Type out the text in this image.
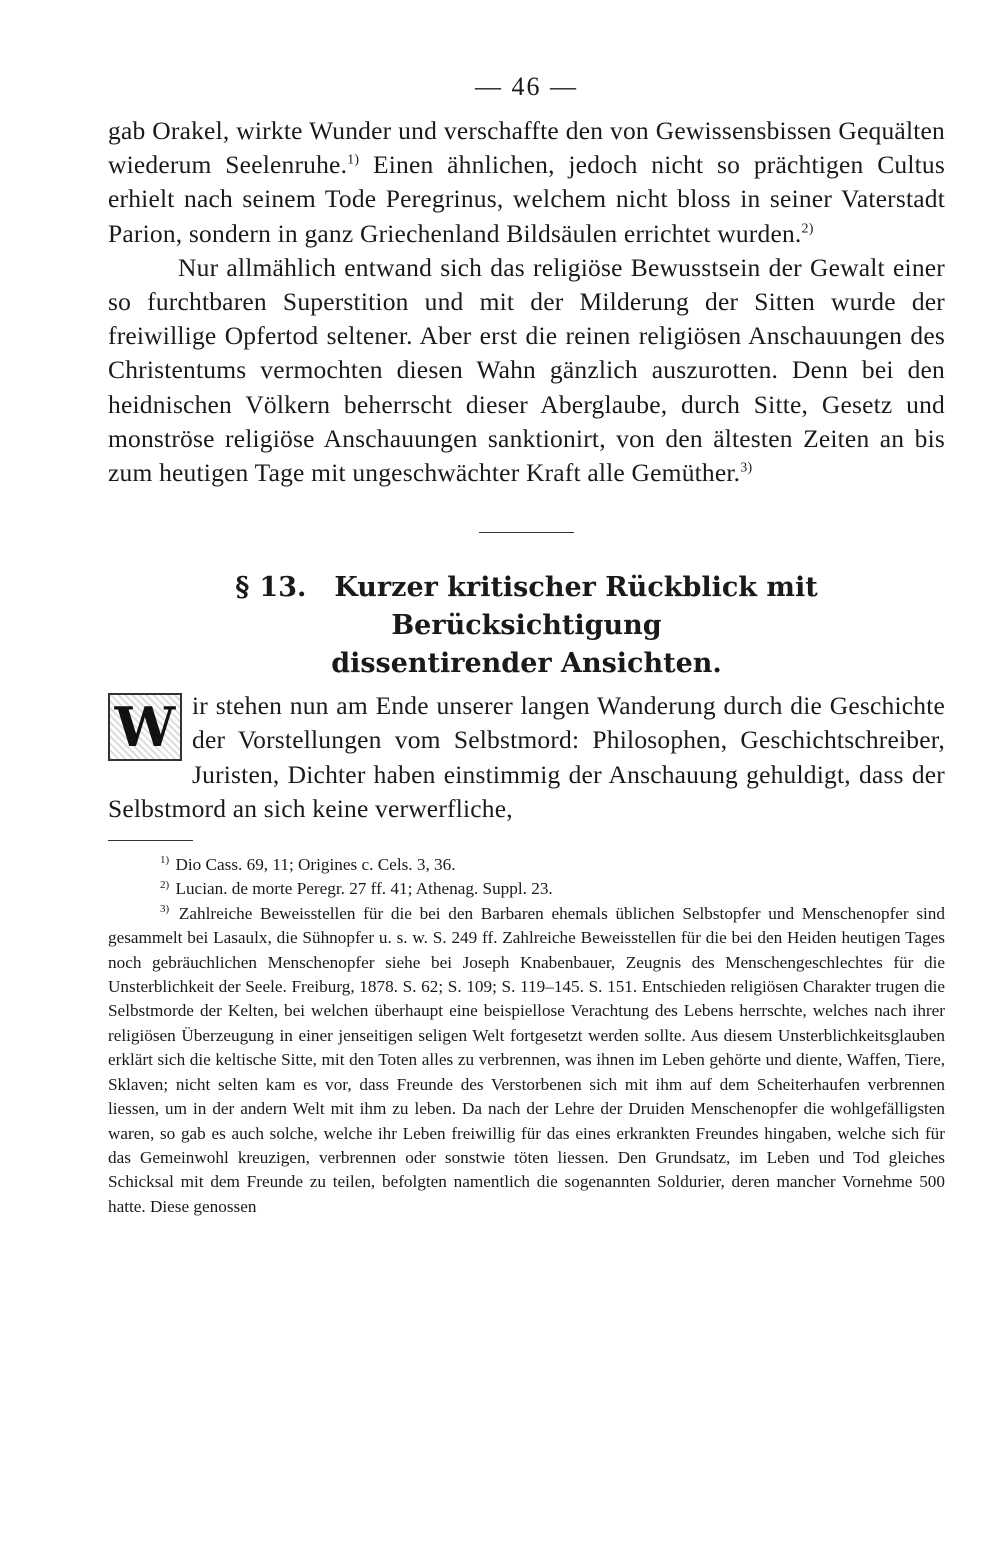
— 46 —

gab Orakel, wirkte Wunder und verschaffte den von Gewissensbissen Gequälten wiederum Seelenruhe.$^{1)}$ Einen ähnlichen, jedoch nicht so prächtigen Cultus erhielt nach seinem Tode Peregrinus, welchem nicht bloss in seiner Vaterstadt Parion, sondern in ganz Griechenland Bildsäulen errichtet wurden.$^{2)}$

Nur allmählich entwand sich das religiöse Bewusstsein der Gewalt einer so furchtbaren Superstition und mit der Milderung der Sitten wurde der freiwillige Opfertod seltener. Aber erst die reinen religiösen Anschauungen des Christentums vermochten diesen Wahn gänzlich auszurotten. Denn bei den heidnischen Völkern beherrscht dieser Aberglaube, durch Sitte, Gesetz und monströse religiöse Anschauungen sanktionirt, von den ältesten Zeiten an bis zum heutigen Tage mit ungeschwächter Kraft alle Gemüther.$^{3)}$

§ 13. Kurzer kritischer Rückblick mit Berücksichtigung
dissentirender Ansichten.

W ir stehen nun am Ende unserer langen Wanderung durch die Geschichte der Vorstellungen vom Selbstmord: Philosophen, Geschichtschreiber, Juristen, Dichter haben einstimmig der Anschauung gehuldigt, dass der Selbstmord an sich keine verwerfliche,

$^{1)}$ Dio Cass. 69, 11; Origines c. Cels. 3, 36.

$^{2)}$ Lucian. de morte Peregr. 27 ff. 41; Athenag. Suppl. 23.

$^{3)}$ Zahlreiche Beweisstellen für die bei den Barbaren ehemals üblichen Selbstopfer und Menschenopfer sind gesammelt bei Lasaulx, die Sühnopfer u. s. w. S. 249 ff. Zahlreiche Beweisstellen für die bei den Heiden heutigen Tages noch gebräuchlichen Menschenopfer siehe bei Joseph Knabenbauer, Zeugnis des Menschengeschlechtes für die Unsterblichkeit der Seele. Freiburg, 1878. S. 62; S. 109; S. 119–145. S. 151. Entschieden religiösen Charakter trugen die Selbstmorde der Kelten, bei welchen überhaupt eine beispiellose Verachtung des Lebens herrschte, welches nach ihrer religiösen Überzeugung in einer jenseitigen seligen Welt fortgesetzt werden sollte. Aus diesem Unsterblichkeitsglauben erklärt sich die keltische Sitte, mit den Toten alles zu verbrennen, was ihnen im Leben gehörte und diente, Waffen, Tiere, Sklaven; nicht selten kam es vor, dass Freunde des Verstorbenen sich mit ihm auf dem Scheiterhaufen verbrennen liessen, um in der andern Welt mit ihm zu leben. Da nach der Lehre der Druiden Menschenopfer die wohlgefälligsten waren, so gab es auch solche, welche ihr Leben freiwillig für das eines erkrankten Freundes hingaben, welche sich für das Gemeinwohl kreuzigen, verbrennen oder sonstwie töten liessen. Den Grundsatz, im Leben und Tod gleiches Schicksal mit dem Freunde zu teilen, befolgten namentlich die sogenannten Soldurier, deren mancher Vornehme 500 hatte. Diese genossen
